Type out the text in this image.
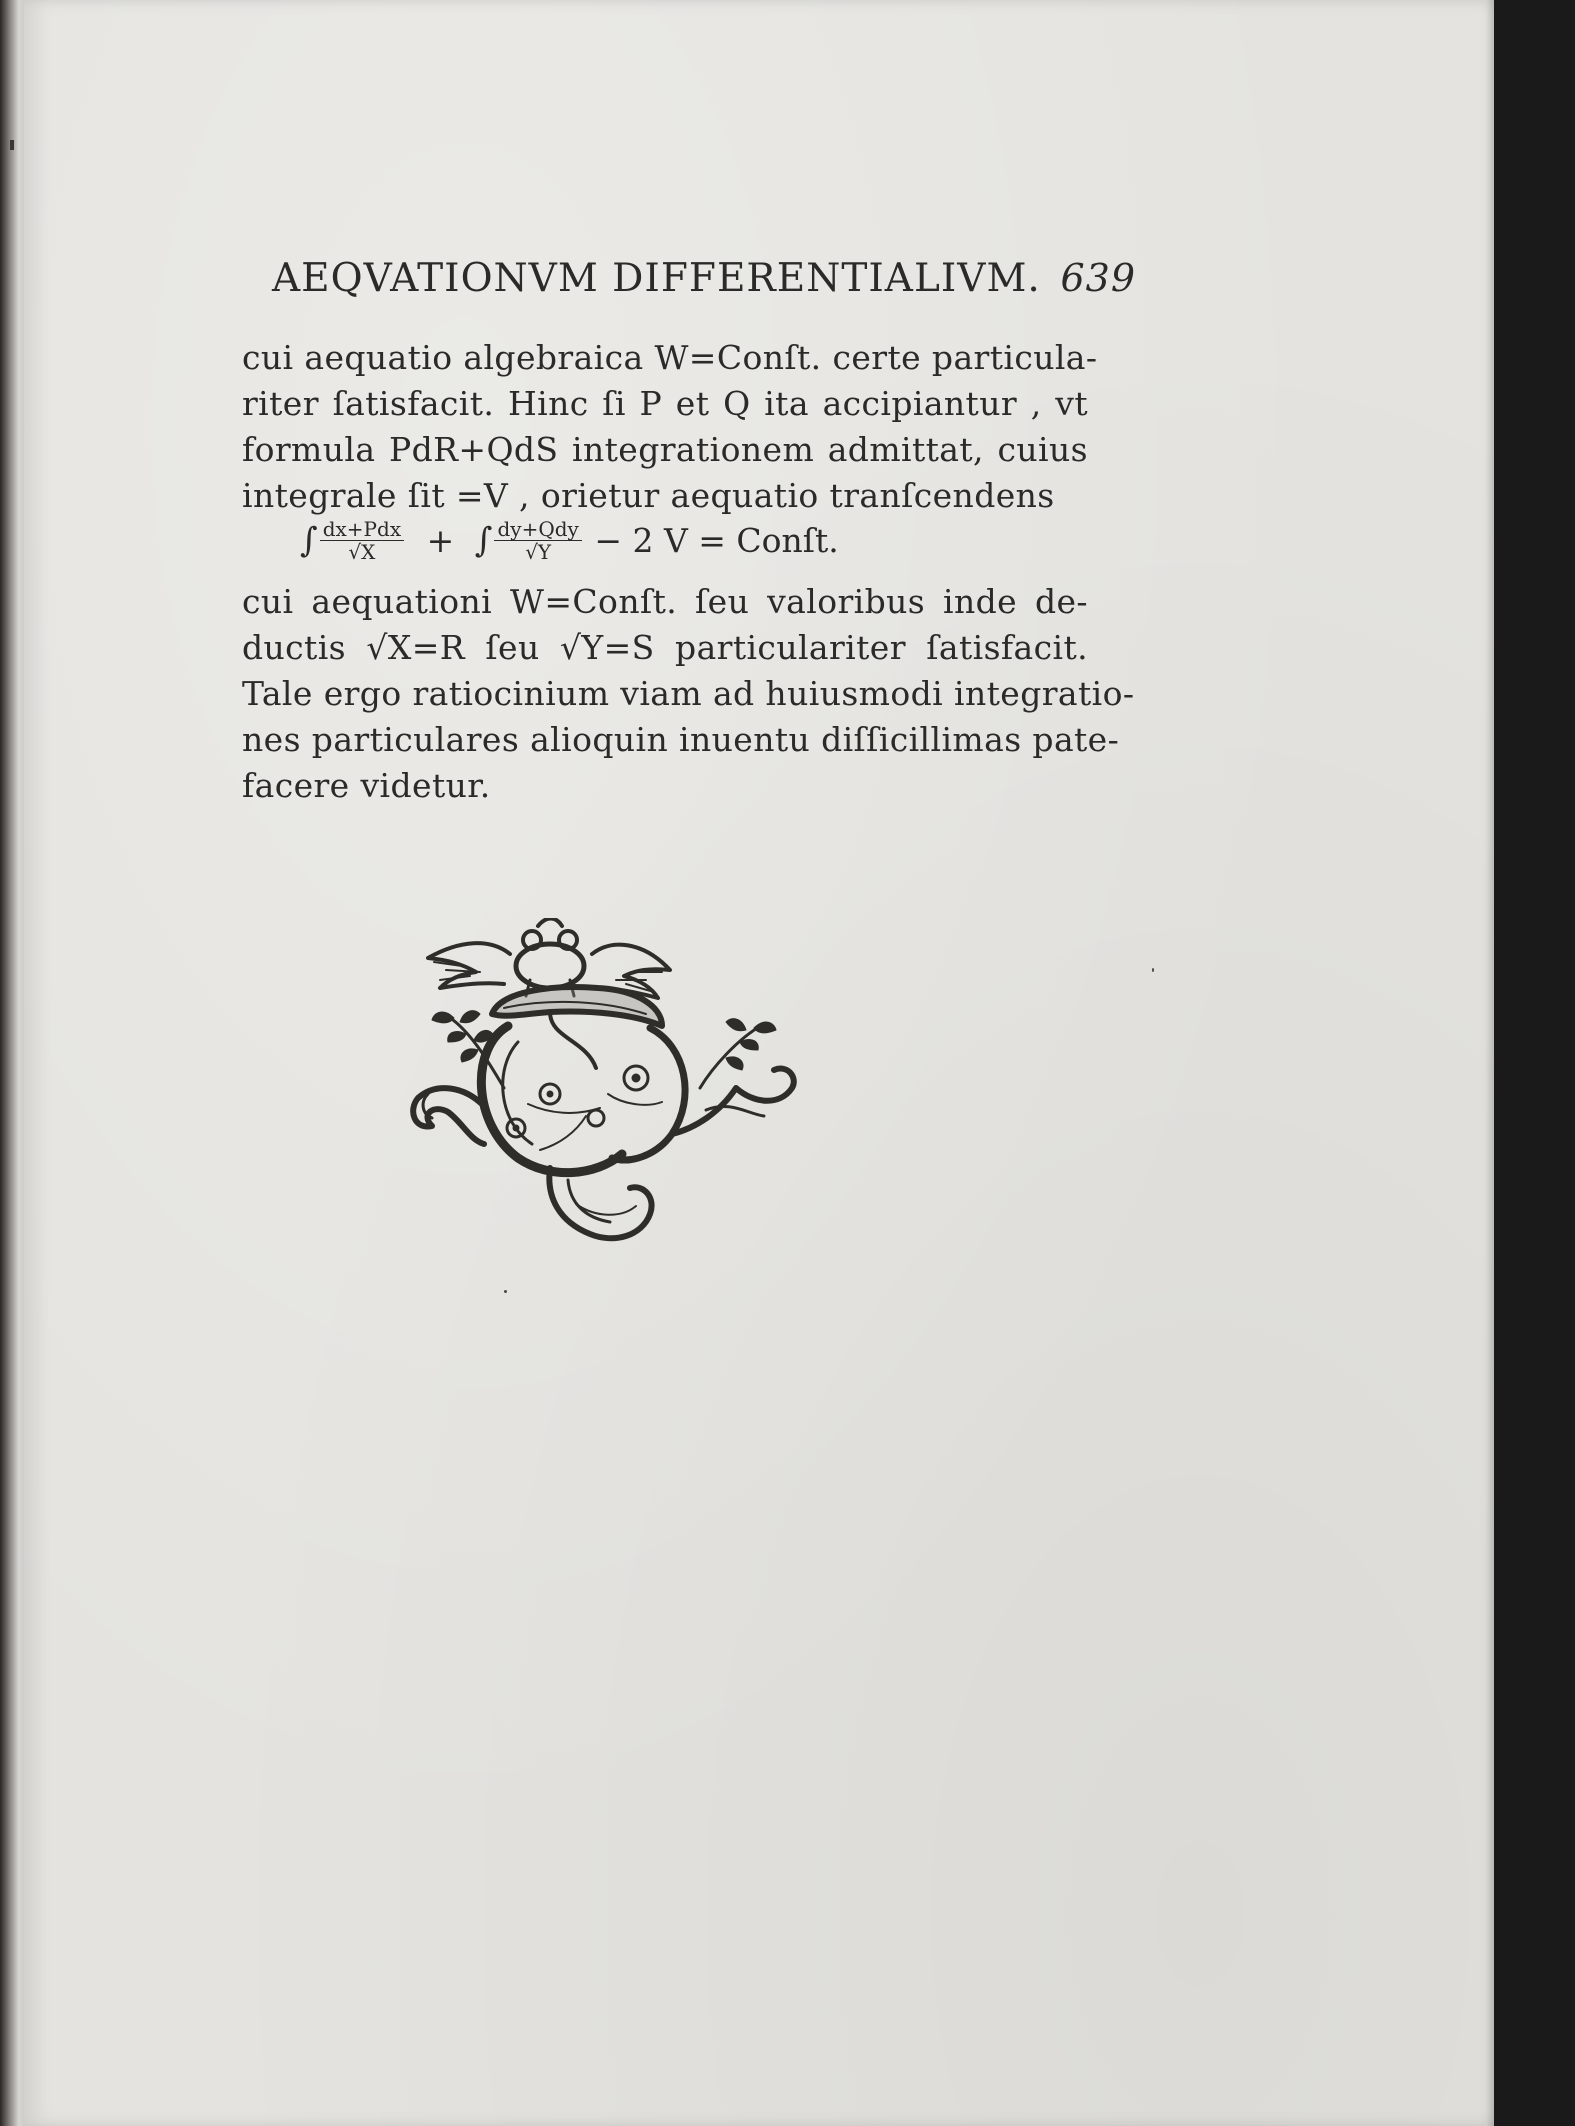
AEQVATIONVM DIFFERENTIALIVM. 639
cui aequatio algebraica W=Conſt. certe particula-
riter ſatisfacit. Hinc ſi P et Q ita accipiantur , vt
formula PdR+QdS integrationem admittat, cuius
integrale ſit =V , orietur aequatio tranſcendens
∫ $\frac{\text{dx+Pdx}}{√X}$ + ∫ $\frac{\text{dy+Qdy}}{√Y} - 2$ V = Conſt.
cui aequationi W=Conſt. ſeu valoribus inde de-
ductis √X=R ſeu √Y=S particulariter ſatisfacit.
Tale ergo ratiocinium viam ad huiusmodi integratio-
nes particulares alioquin inuentu diſſicillimas pate-
facere videtur.
